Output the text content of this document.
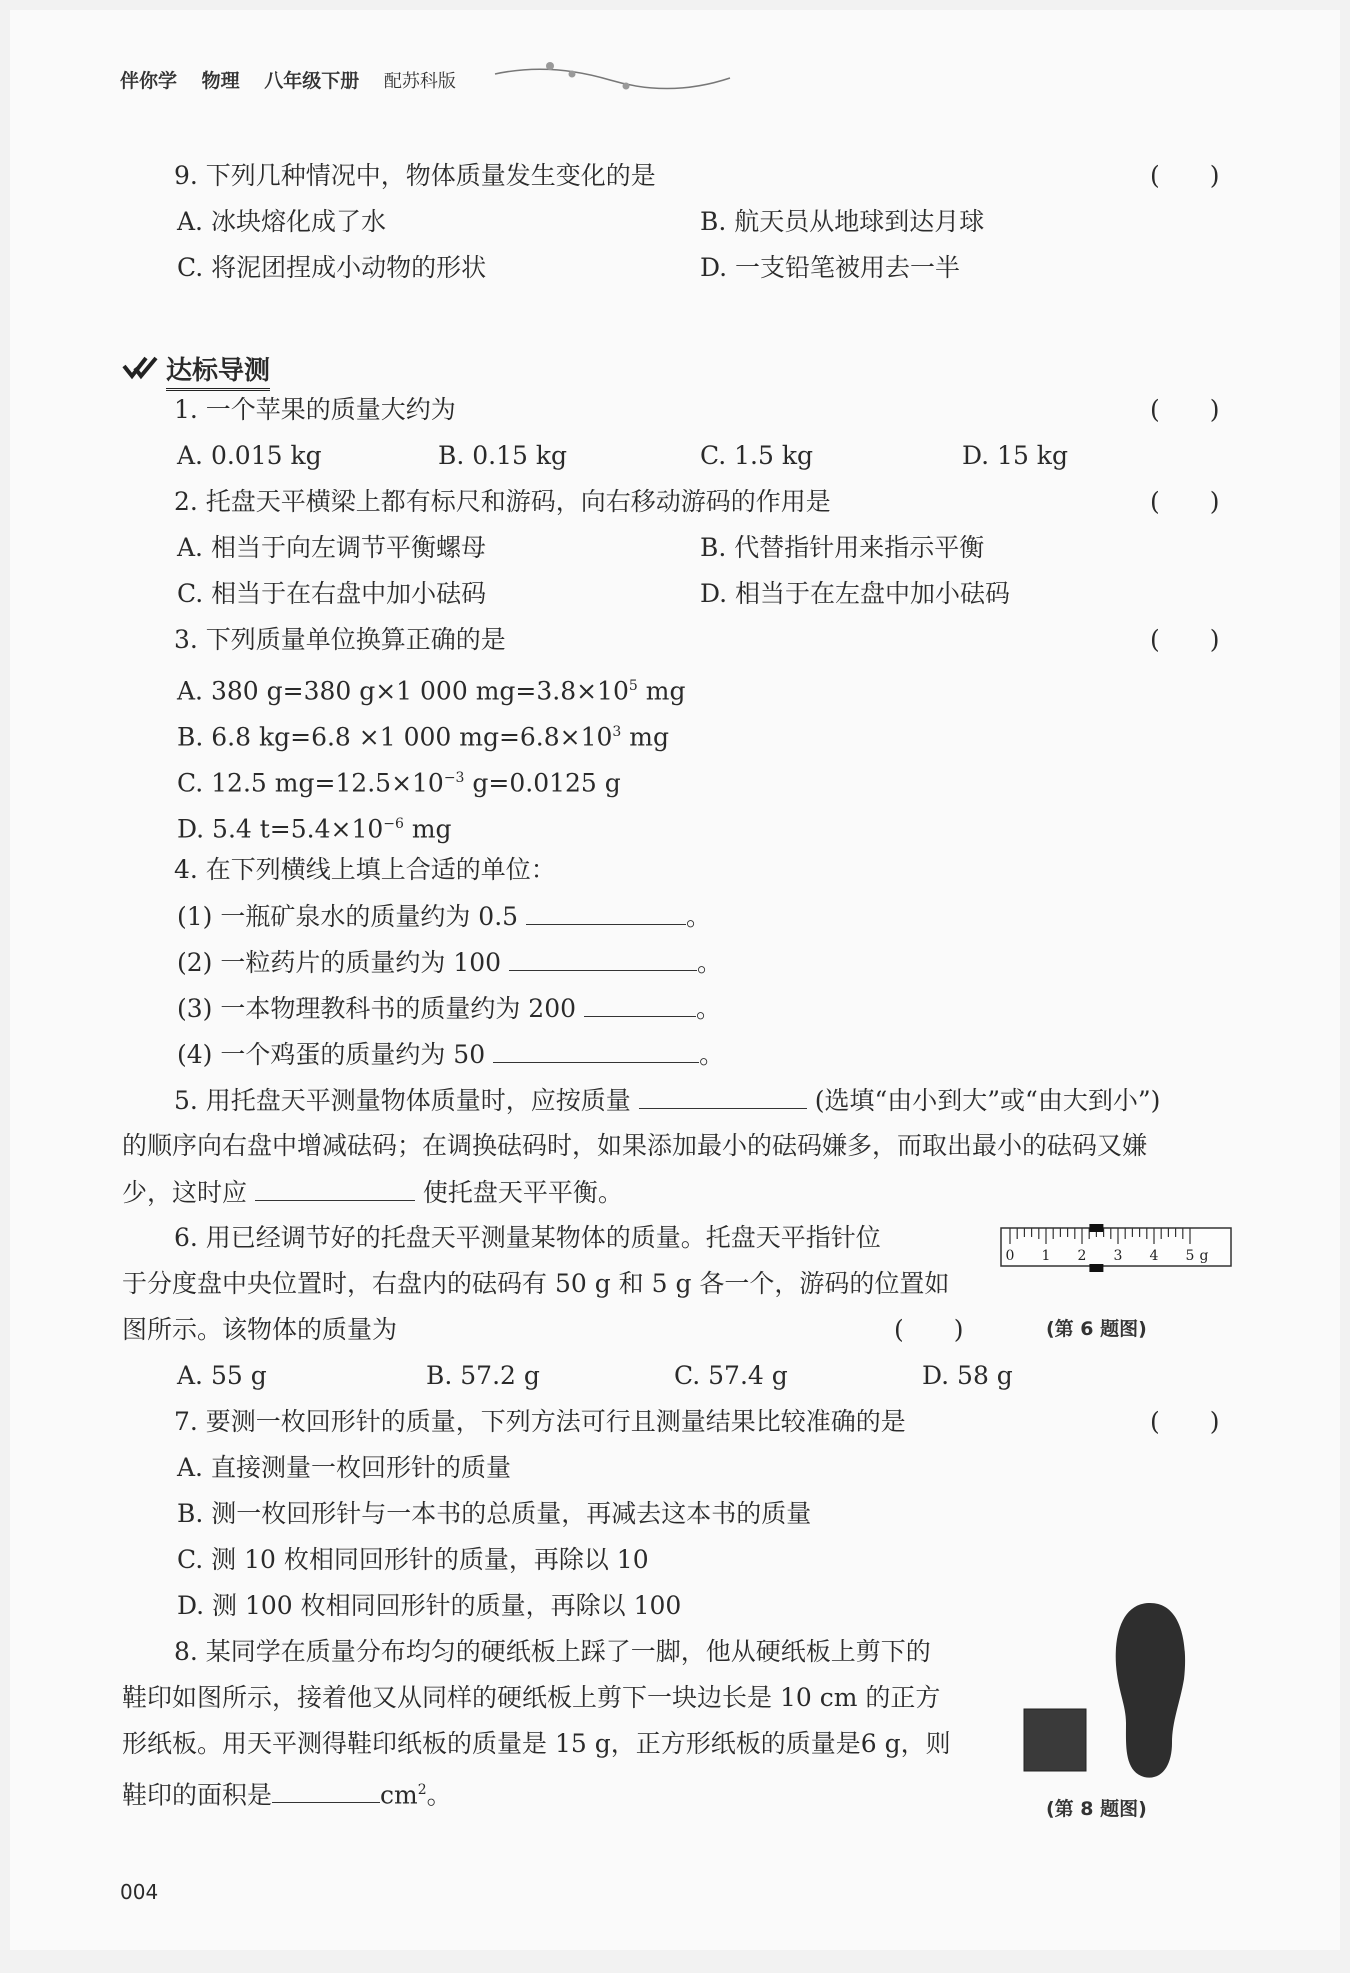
伴你学 物理 八年级下册 配苏科版
9. 下列几种情况中，物体质量发生变化的是	(　　)
A. 冰块熔化成了水	B. 航天员从地球到达月球
C. 将泥团捏成小动物的形状	D. 一支铅笔被用去一半
达标导测
1. 一个苹果的质量大约为	(　　)
A. 0.015 kg	B. 0.15 kg	C. 1.5 kg	D. 15 kg
2. 托盘天平横梁上都有标尺和游码，向右移动游码的作用是	(　　)
A. 相当于向左调节平衡螺母	B. 代替指针用来指示平衡
C. 相当于在右盘中加小砝码	D. 相当于在左盘中加小砝码
3. 下列质量单位换算正确的是	(　　)
A. 380 g=380 g×1 000 $mg=3.8\times 10^5$ mg
B. 6.8 kg=6.8 ×1 000 $mg=6.8\times 10^3$ mg
C. 12.5 $mg=12.5\times 10^{-3}$ g=0.0125 g
D. 5.4 $t=5.4\times 10^{-6}$ mg
4. 在下列横线上填上合适的单位：
(1) 一瓶矿泉水的质量约为 0.5	。
(2) 一粒药片的质量约为 100	。
(3) 一本物理教科书的质量约为 200	。
(4) 一个鸡蛋的质量约为 50	。
5. 用托盘天平测量物体质量时，应按质量	(选填“由小到大”或“由大到小”)
的顺序向右盘中增减砝码；在调换砝码时，如果添加最小的砝码嫌多，而取出最小的砝码又嫌
少，这时应	使托盘天平平衡。
6. 用已经调节好的托盘天平测量某物体的质量。托盘天平指针位
于分度盘中央位置时，右盘内的砝码有 50 g 和 5 g 各一个，游码的位置如
图所示。该物体的质量为	(　　)
0 1 2 3 4 5 g
(第 6 题图)
A. 55 g	B. 57.2 g	C. 57.4 g	D. 58 g
7. 要测一枚回形针的质量，下列方法可行且测量结果比较准确的是	(　　)
A. 直接测量一枚回形针的质量
B. 测一枚回形针与一本书的总质量，再减去这本书的质量
C. 测 10 枚相同回形针的质量，再除以 10
D. 测 100 枚相同回形针的质量，再除以 100
8. 某同学在质量分布均匀的硬纸板上踩了一脚，他从硬纸板上剪下的
鞋印如图所示，接着他又从同样的硬纸板上剪下一块边长是 10 cm 的正方
形纸板。用天平测得鞋印纸板的质量是 15 g，正方形纸板的质量是6 g，则
鞋印的面积是	$cm^2$。	(第 8 题图)
004
